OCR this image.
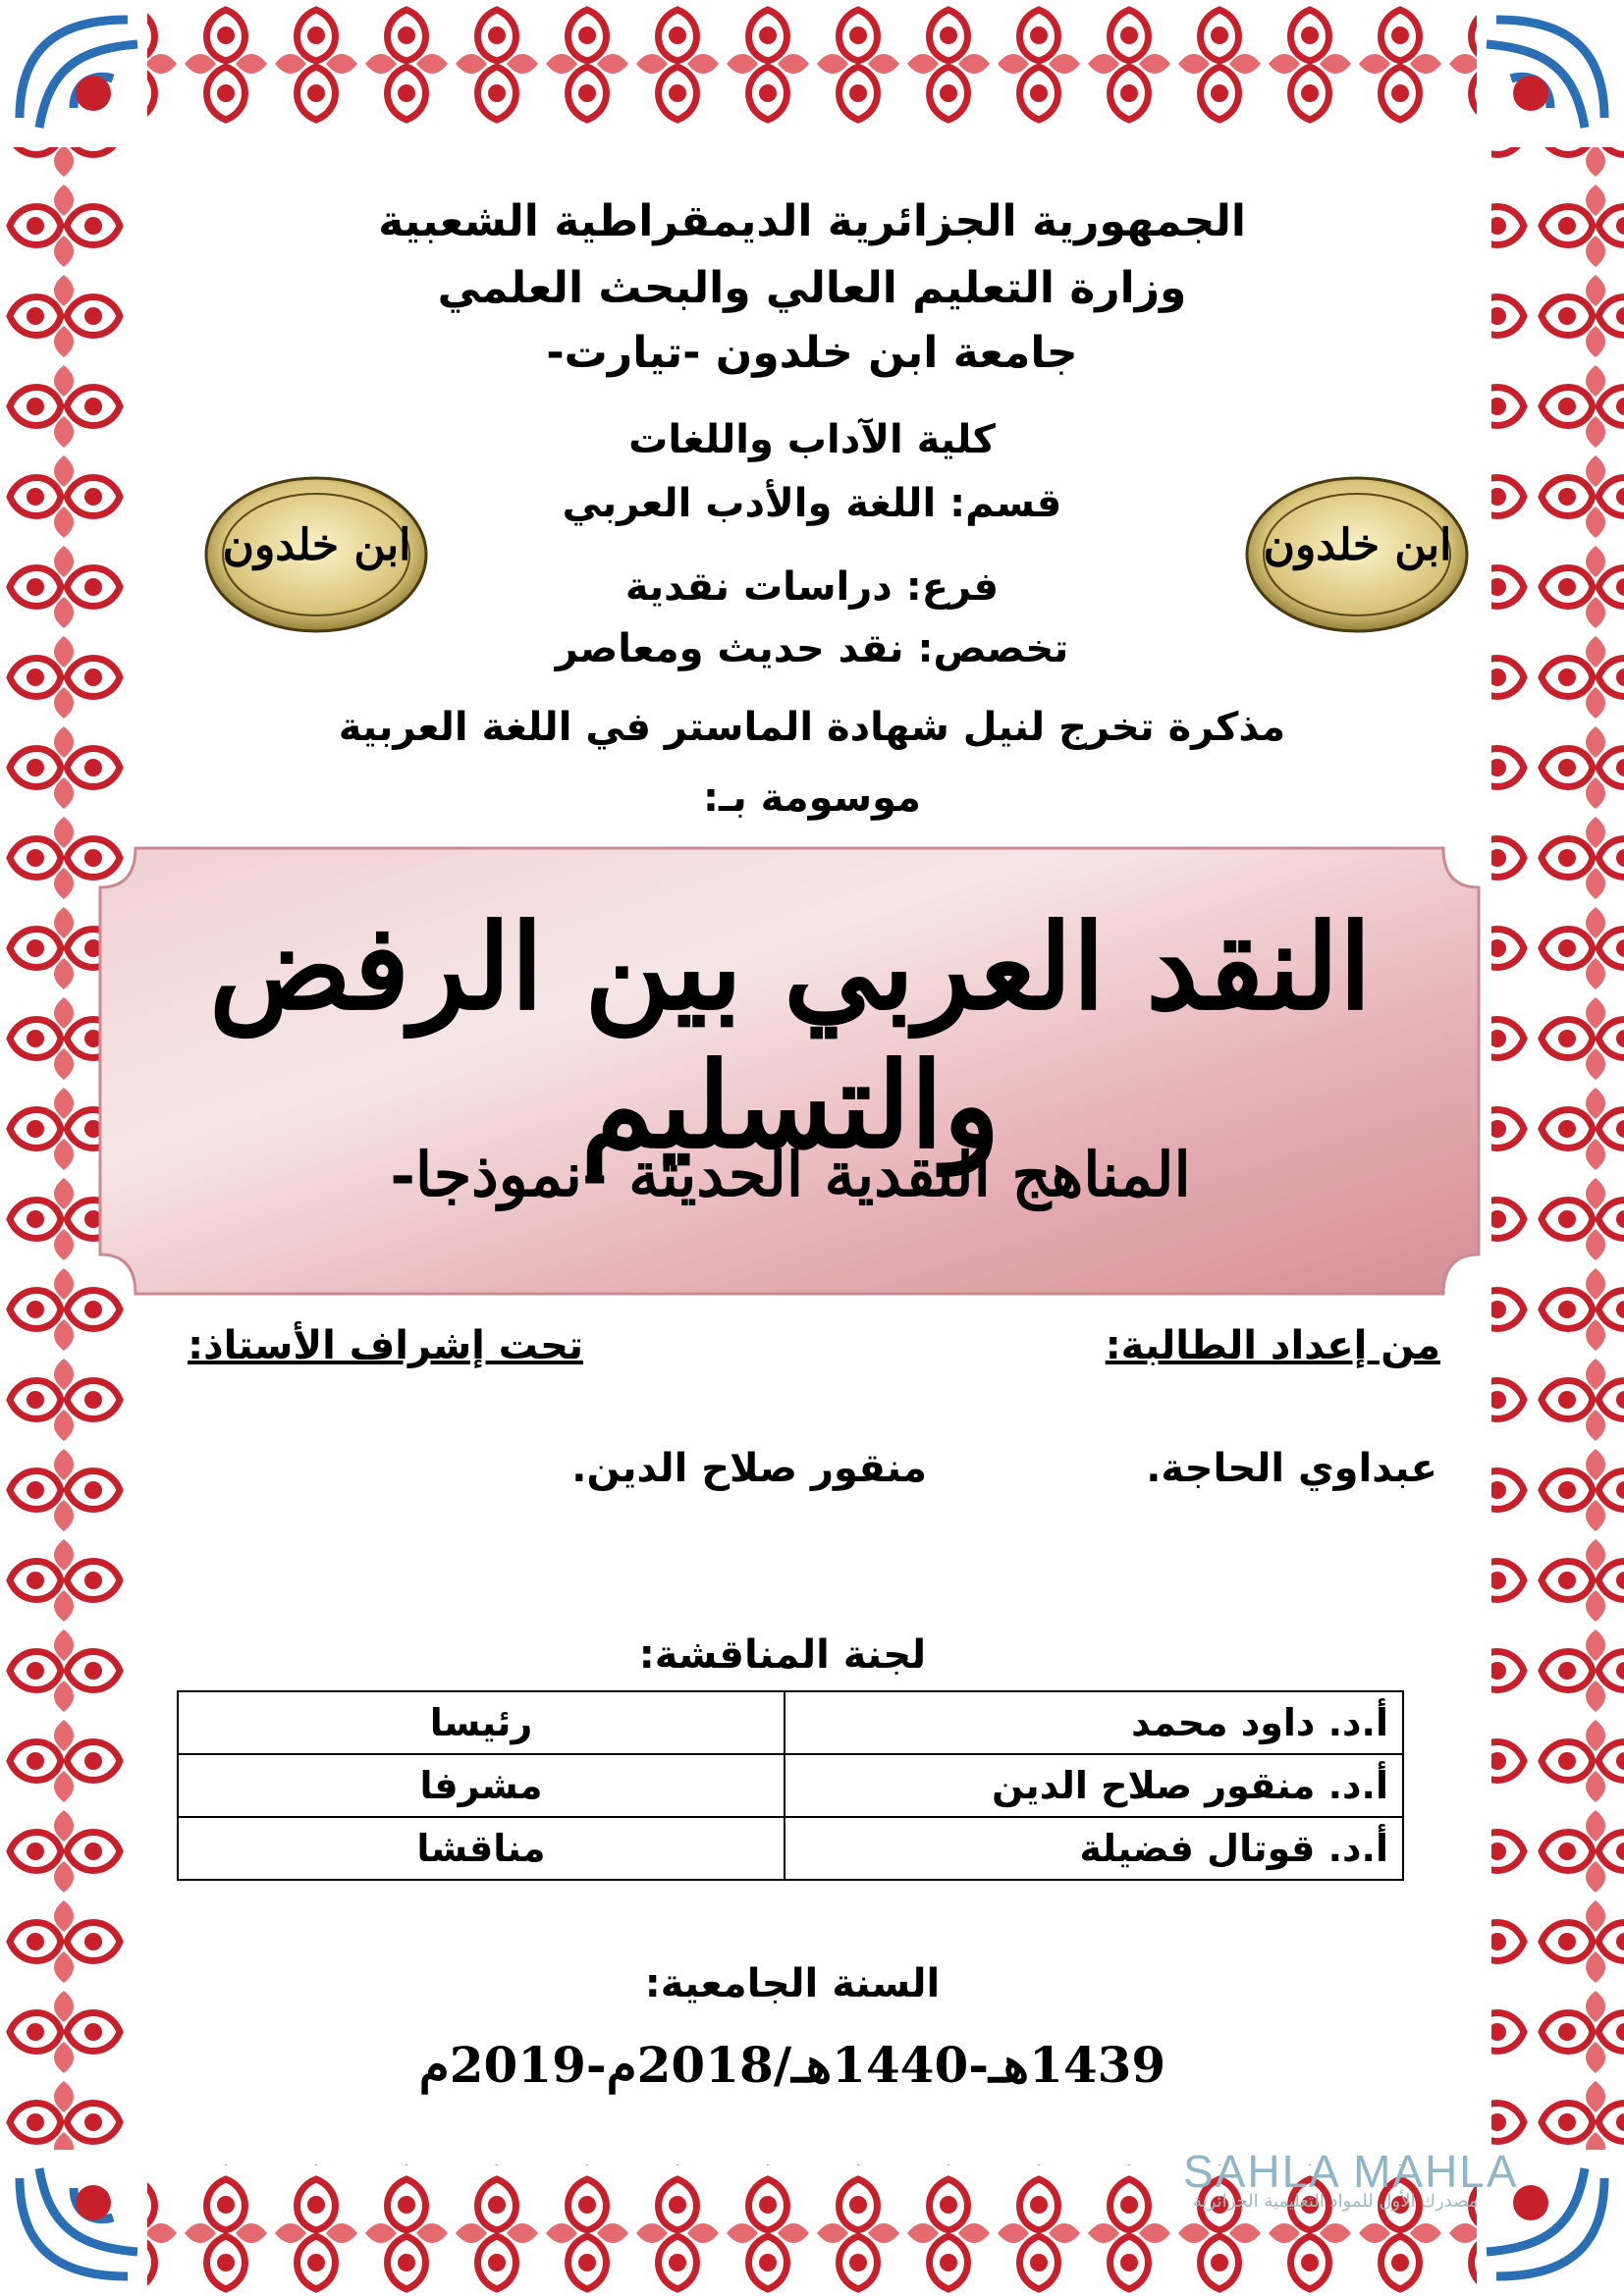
الجمهورية الجزائرية الديمقراطية الشعبية
وزارة التعليم العالي والبحث العلمي
جامعة ابن خلدون -تيارت-
كلية الآداب واللغات
قسم: اللغة والأدب العربي
فرع: دراسات نقدية
تخصص: نقد حديث ومعاصر
مذكرة تخرج لنيل شهادة الماستر في اللغة العربية
موسومة بـ:
ابن خلدون	ابن خلدون
النقد العربي بين الرفض والتسليم
المناهج النقدية الحديثة -نموذجا-
من إعداد الطالبة:
تحت إشراف الأستاذ:
عبداوي الحاجة.
منقور صلاح الدين.
لجنة المناقشة:
أ.د. داود محمد	رئيسا
أ.د. منقور صلاح الدين	مشرفا
أ.د. قوتال فضيلة	مناقشا
السنة الجامعية:
1439هـ-1440هـ/2018م-2019م
SAHLA MAHLA
مصدرك الأول للمواد التعليمية الجزائرية
